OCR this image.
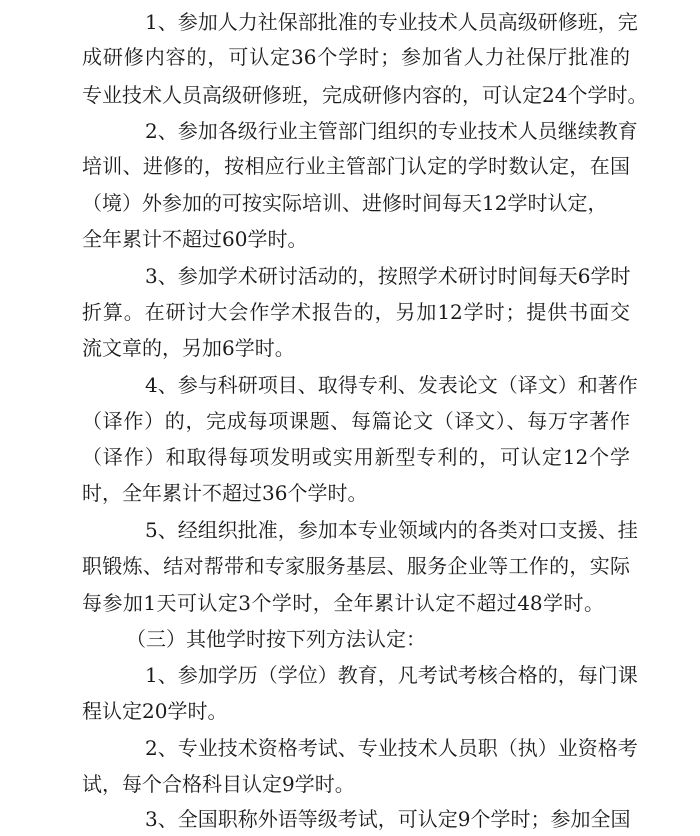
1、参加人力社保部批准的专业技术人员高级研修班，完
成研修内容的，可认定36个学时；参加省人力社保厅批准的
专业技术人员高级研修班，完成研修内容的，可认定24个学时。
2、参加各级行业主管部门组织的专业技术人员继续教育
培训、进修的，按相应行业主管部门认定的学时数认定，在国
（境）外参加的可按实际培训、进修时间每天12学时认定，
全年累计不超过60学时。
3、参加学术研讨活动的，按照学术研讨时间每天6学时
折算。在研讨大会作学术报告的，另加12学时；提供书面交
流文章的，另加6学时。
4、参与科研项目、取得专利、发表论文（译文）和著作
（译作）的，完成每项课题、每篇论文（译文）、每万字著作
（译作）和取得每项发明或实用新型专利的，可认定12个学
时，全年累计不超过36个学时。
5、经组织批准，参加本专业领域内的各类对口支援、挂
职锻炼、结对帮带和专家服务基层、服务企业等工作的，实际
每参加1天可认定3个学时，全年累计认定不超过48学时。
（三）其他学时按下列方法认定：
1、参加学历（学位）教育，凡考试考核合格的，每门课
程认定20学时。
2、专业技术资格考试、专业技术人员职（执）业资格考
试，每个合格科目认定9学时。
3、全国职称外语等级考试，可认定9个学时；参加全国
